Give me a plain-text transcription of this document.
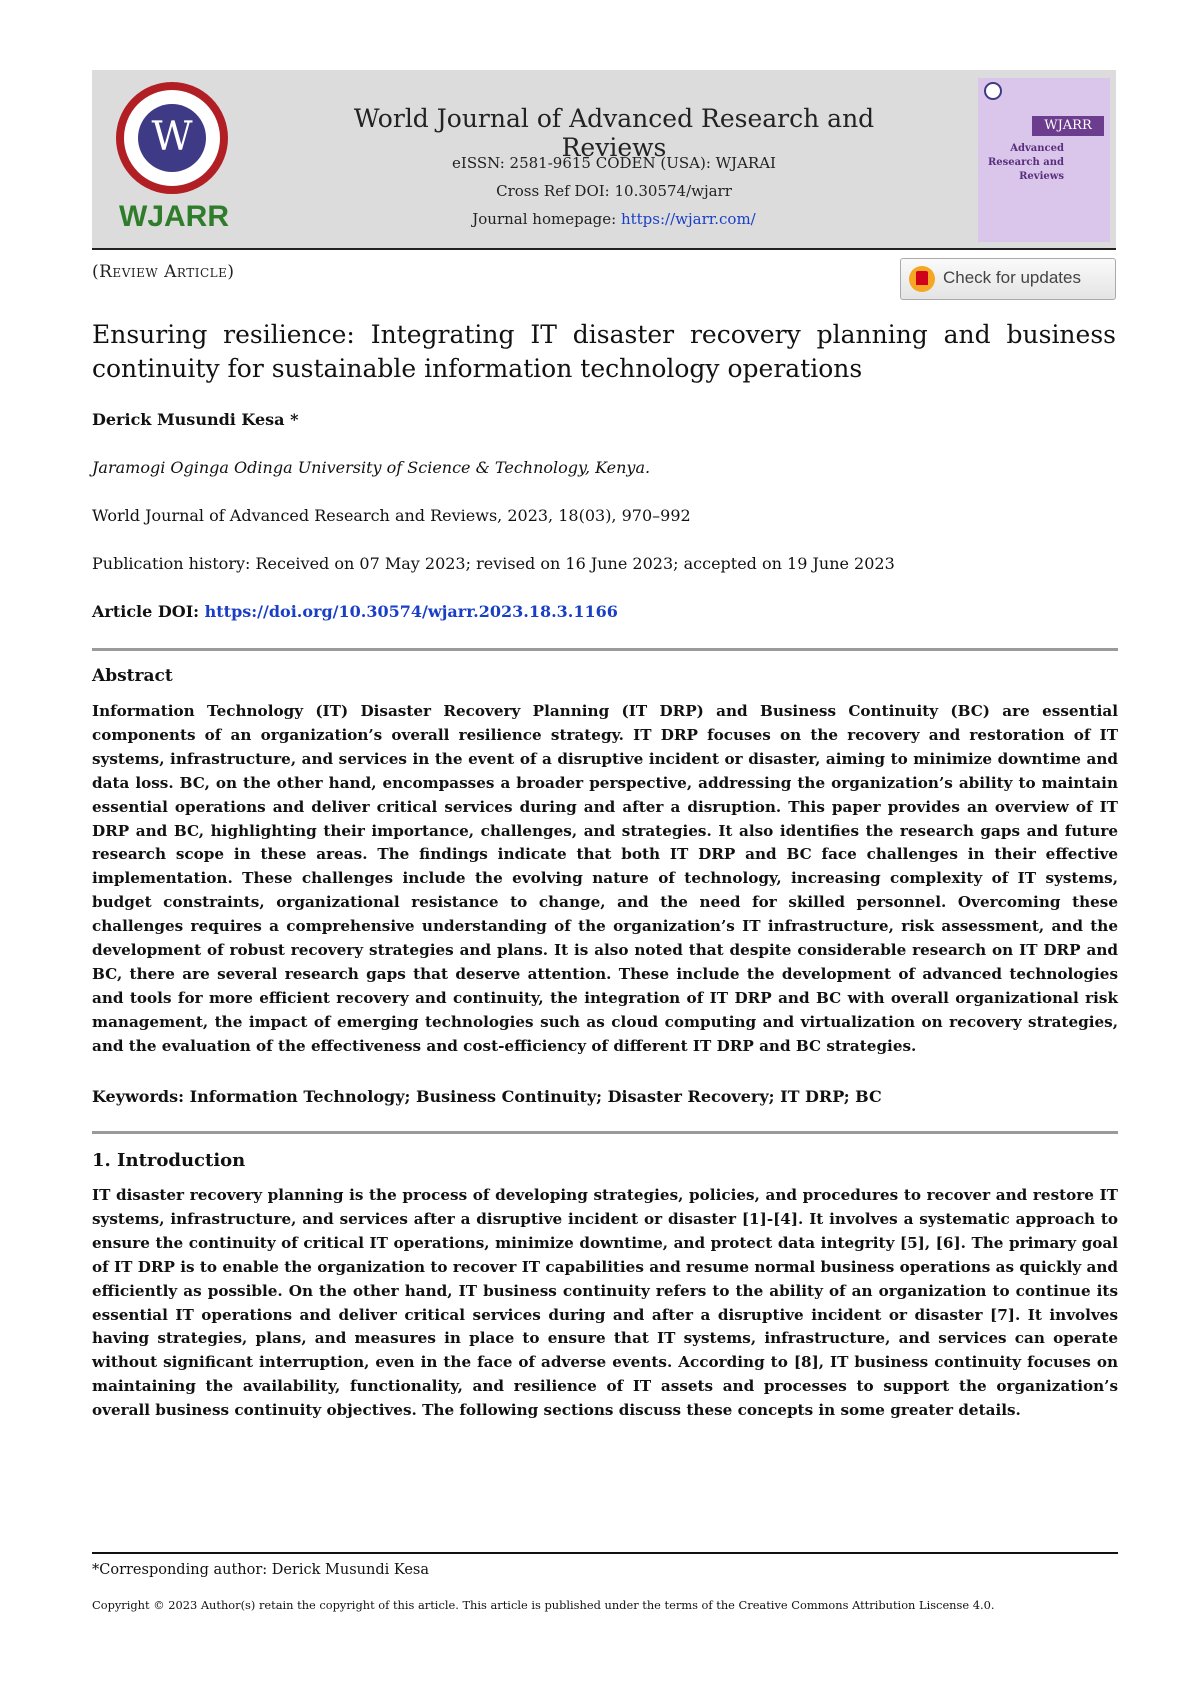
W
WJARR
World Journal of Advanced Research and Reviews
eISSN: 2581-9615 CODEN (USA): WJARAI
Cross Ref DOI: 10.30574/wjarr
Journal homepage: https://wjarr.com/
WJARR
Advanced Research and Reviews
(Review Article)	Check for updates
Ensuring resilience: Integrating IT disaster recovery planning and business continuity for sustainable information technology operations
Derick Musundi Kesa *
Jaramogi Oginga Odinga University of Science & Technology, Kenya.
World Journal of Advanced Research and Reviews, 2023, 18(03), 970–992
Publication history: Received on 07 May 2023; revised on 16 June 2023; accepted on 19 June 2023
Article DOI: https://doi.org/10.30574/wjarr.2023.18.3.1166
Abstract
Information Technology (IT) Disaster Recovery Planning (IT DRP) and Business Continuity (BC) are essential components of an organization’s overall resilience strategy. IT DRP focuses on the recovery and restoration of IT systems, infrastructure, and services in the event of a disruptive incident or disaster, aiming to minimize downtime and data loss. BC, on the other hand, encompasses a broader perspective, addressing the organization’s ability to maintain essential operations and deliver critical services during and after a disruption. This paper provides an overview of IT DRP and BC, highlighting their importance, challenges, and strategies. It also identifies the research gaps and future research scope in these areas. The findings indicate that both IT DRP and BC face challenges in their effective implementation. These challenges include the evolving nature of technology, increasing complexity of IT systems, budget constraints, organizational resistance to change, and the need for skilled personnel. Overcoming these challenges requires a comprehensive understanding of the organization’s IT infrastructure, risk assessment, and the development of robust recovery strategies and plans. It is also noted that despite considerable research on IT DRP and BC, there are several research gaps that deserve attention. These include the development of advanced technologies and tools for more efficient recovery and continuity, the integration of IT DRP and BC with overall organizational risk management, the impact of emerging technologies such as cloud computing and virtualization on recovery strategies, and the evaluation of the effectiveness and cost-efficiency of different IT DRP and BC strategies.
Keywords: Information Technology; Business Continuity; Disaster Recovery; IT DRP; BC
1. Introduction
IT disaster recovery planning is the process of developing strategies, policies, and procedures to recover and restore IT systems, infrastructure, and services after a disruptive incident or disaster [1]-[4]. It involves a systematic approach to ensure the continuity of critical IT operations, minimize downtime, and protect data integrity [5], [6]. The primary goal of IT DRP is to enable the organization to recover IT capabilities and resume normal business operations as quickly and efficiently as possible. On the other hand, IT business continuity refers to the ability of an organization to continue its essential IT operations and deliver critical services during and after a disruptive incident or disaster [7]. It involves having strategies, plans, and measures in place to ensure that IT systems, infrastructure, and services can operate without significant interruption, even in the face of adverse events. According to [8], IT business continuity focuses on maintaining the availability, functionality, and resilience of IT assets and processes to support the organization’s overall business continuity objectives. The following sections discuss these concepts in some greater details.
*Corresponding author: Derick Musundi Kesa
Copyright © 2023 Author(s) retain the copyright of this article. This article is published under the terms of the Creative Commons Attribution Liscense 4.0.
